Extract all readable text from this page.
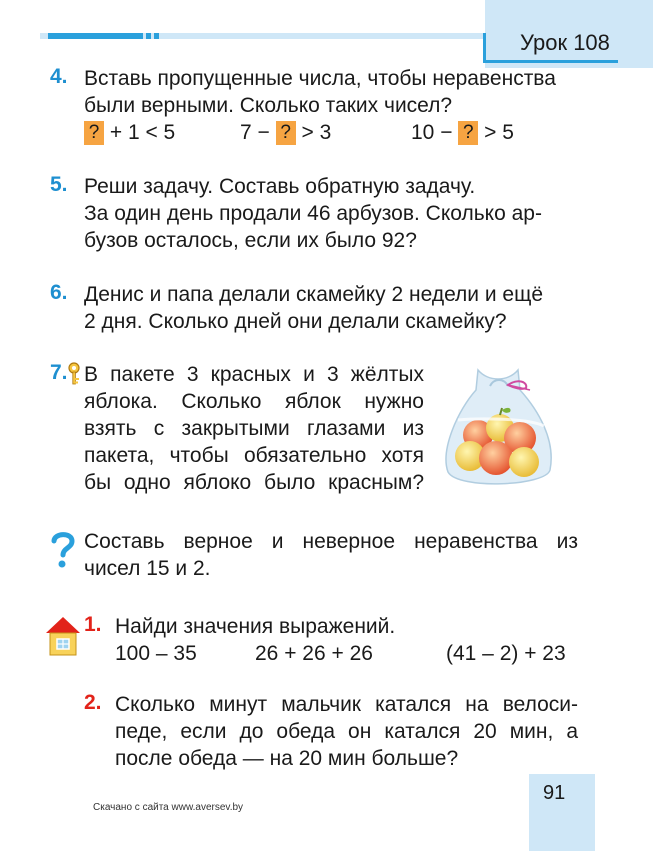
Урок 108
4. Вставь пропущенные числа, чтобы неравенства
были верными. Сколько таких чисел?
? + 1 < 5	7 − ? > 3	10 − ? > 5
5. Реши задачу. Составь обратную задачу.
За один день продали 46 арбузов. Сколько ар-
бузов осталось, если их было 92?
6. Денис и папа делали скамейку 2 недели и ещё
2 дня. Сколько дней они делали скамейку?
7. В пакете 3 красных и 3 жёлтых
яблока. Сколько яблок нужно
взять с закрытыми глазами из
пакета, чтобы обязательно хотя
бы одно яблоко было красным?
Составь верное и неверное неравенства из
чисел 15 и 2.
1. Найди значения выражений.
100 – 35	26 + 26 + 26	(41 – 2) + 23
2. Сколько минут мальчик катался на велоси-
педе, если до обеда он катался 20 мин, а
после обеда — на 20 мин больше?
Скачано с сайта www.aversev.by
91
